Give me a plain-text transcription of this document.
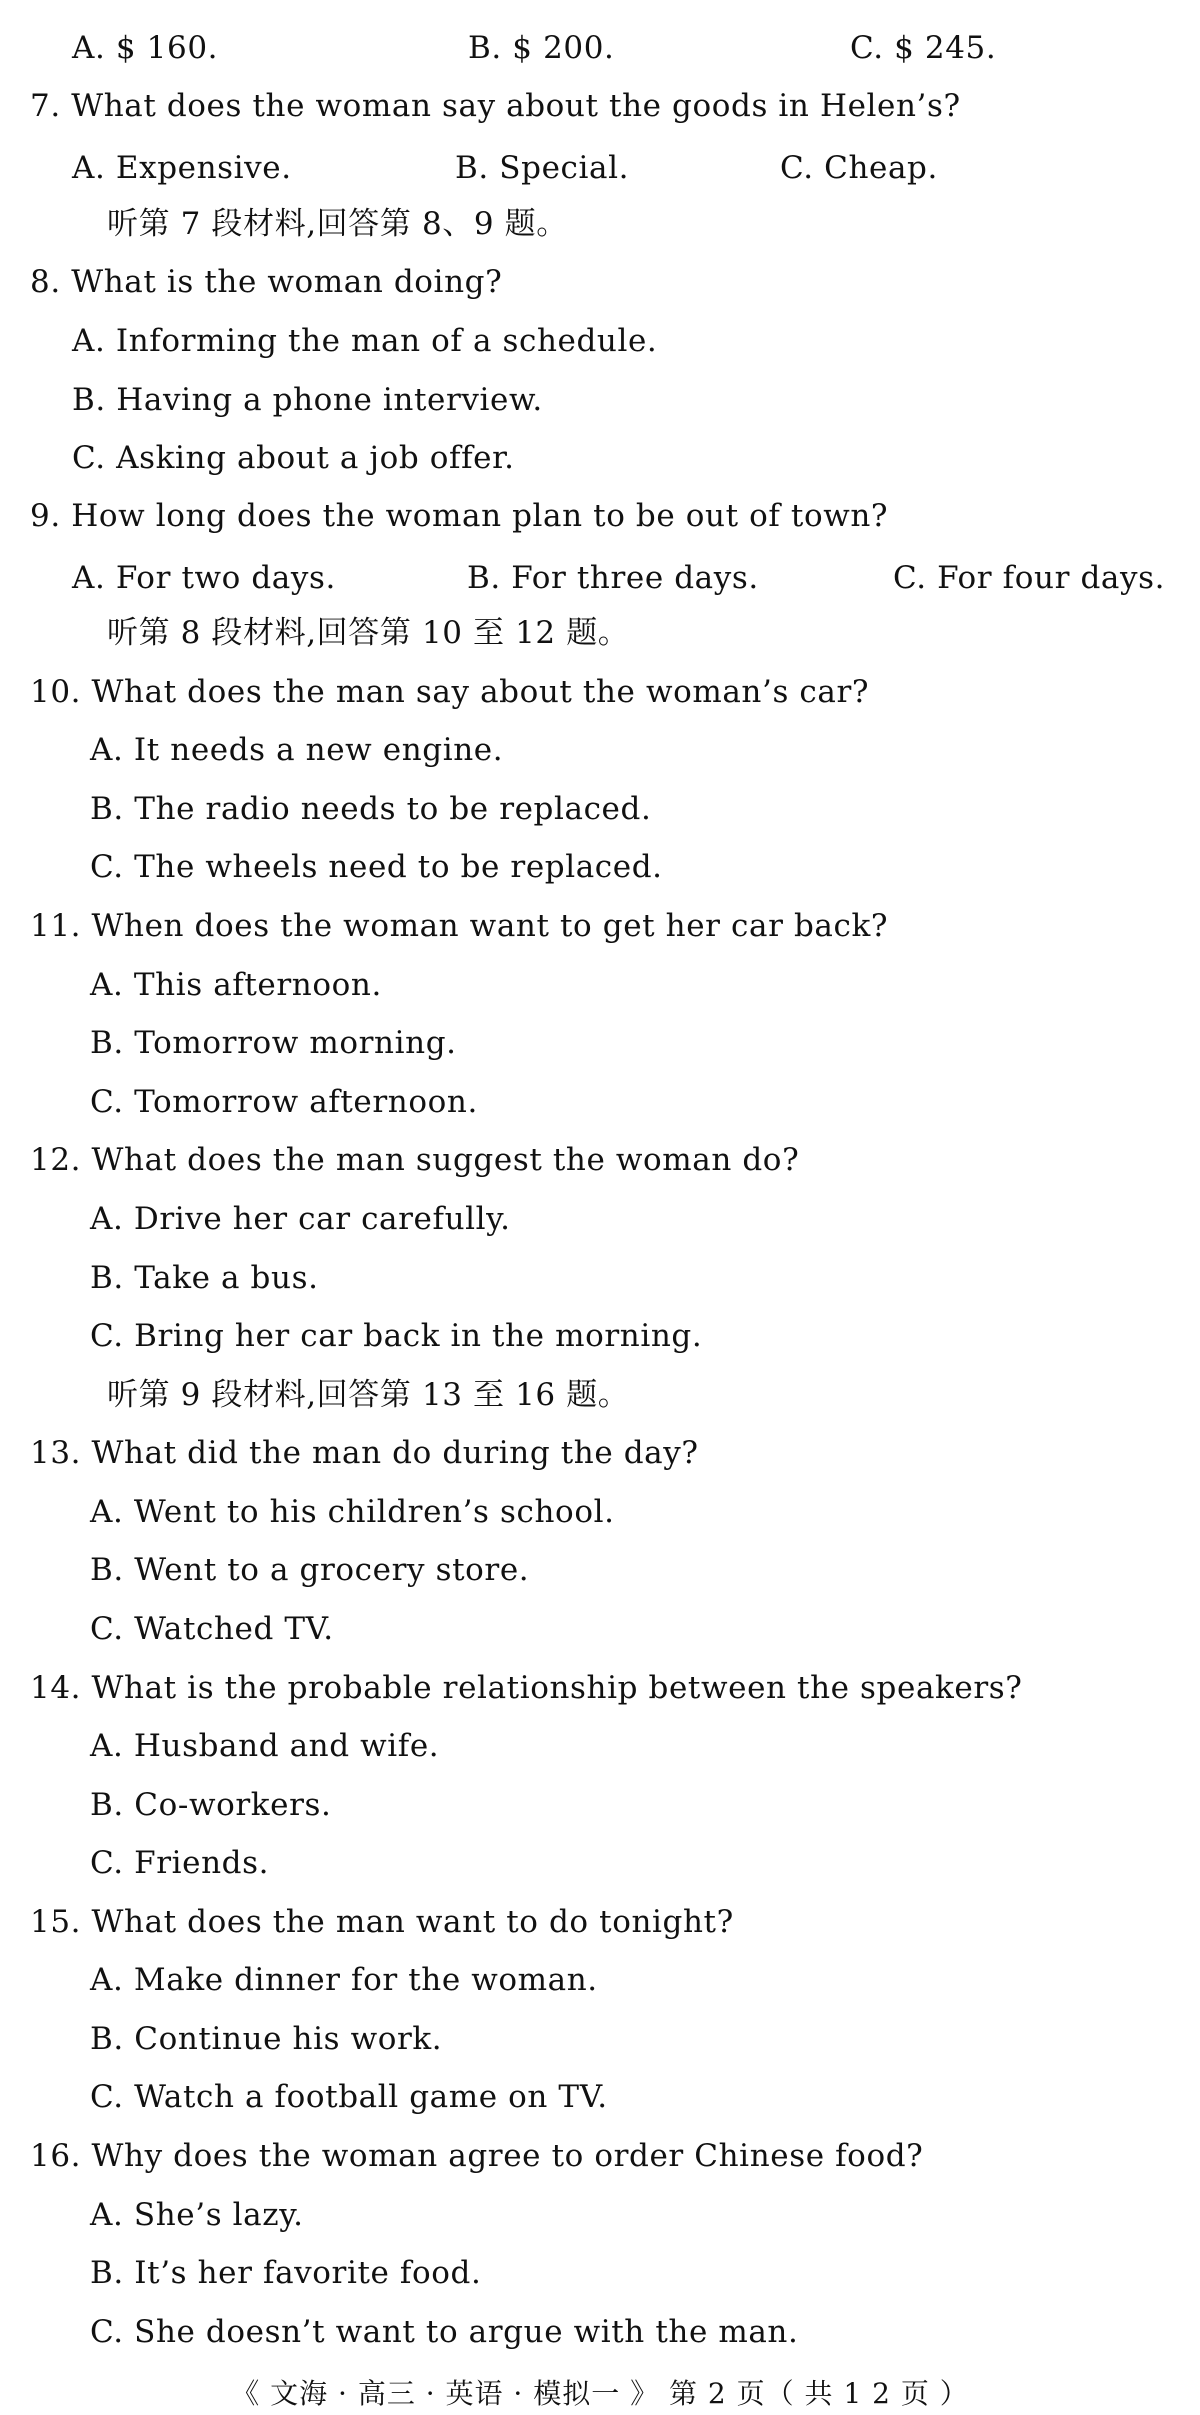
A. $ 160.	B. $ 200.	C. $ 245.
7. What does the woman say about the goods in Helen’s?
A. Expensive.	B. Special.	C. Cheap.
听第 7 段材料,回答第 8、9 题。
8. What is the woman doing?
A. Informing the man of a schedule.
B. Having a phone interview.
C. Asking about a job offer.
9. How long does the woman plan to be out of town?
A. For two days.	B. For three days.	C. For four days.
听第 8 段材料,回答第 10 至 12 题。
10. What does the man say about the woman’s car?
A. It needs a new engine.
B. The radio needs to be replaced.
C. The wheels need to be replaced.
11. When does the woman want to get her car back?
A. This afternoon.
B. Tomorrow morning.
C. Tomorrow afternoon.
12. What does the man suggest the woman do?
A. Drive her car carefully.
B. Take a bus.
C. Bring her car back in the morning.
听第 9 段材料,回答第 13 至 16 题。
13. What did the man do during the day?
A. Went to his children’s school.
B. Went to a grocery store.
C. Watched TV.
14. What is the probable relationship between the speakers?
A. Husband and wife.
B. Co-workers.
C. Friends.
15. What does the man want to do tonight?
A. Make dinner for the woman.
B. Continue his work.
C. Watch a football game on TV.
16. Why does the woman agree to order Chinese food?
A. She’s lazy.
B. It’s her favorite food.
C. She doesn’t want to argue with the man.
《 文海 · 高三 · 英语 · 模拟一 》 第 2 页（ 共 1 2 页 ）
